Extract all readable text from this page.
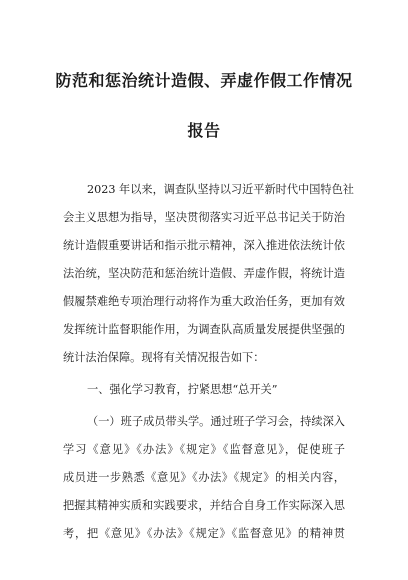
防范和惩治统计造假、弄虚作假工作情况
报告
2023 年以来，调查队坚持以习近平新时代中国特色社
会主义思想为指导，坚决贯彻落实习近平总书记关于防治
统计造假重要讲话和指示批示精神，深入推进依法统计依
法治统，坚决防范和惩治统计造假、弄虚作假，将统计造
假履禁难绝专项治理行动将作为重大政治任务，更加有效
发挥统计监督职能作用，为调查队高质量发展提供坚强的
统计法治保障。现将有关情况报告如下：
一、强化学习教育，拧紧思想“总开关”
（一）班子成员带头学。通过班子学习会，持续深入
学习《意见》《办法》《规定》《监督意见》，促使班子
成员进一步熟悉《意见》《办法》《规定》的相关内容，
把握其精神实质和实践要求，并结合自身工作实际深入思
考，把《意见》《办法》《规定》《监督意见》的精神贯
